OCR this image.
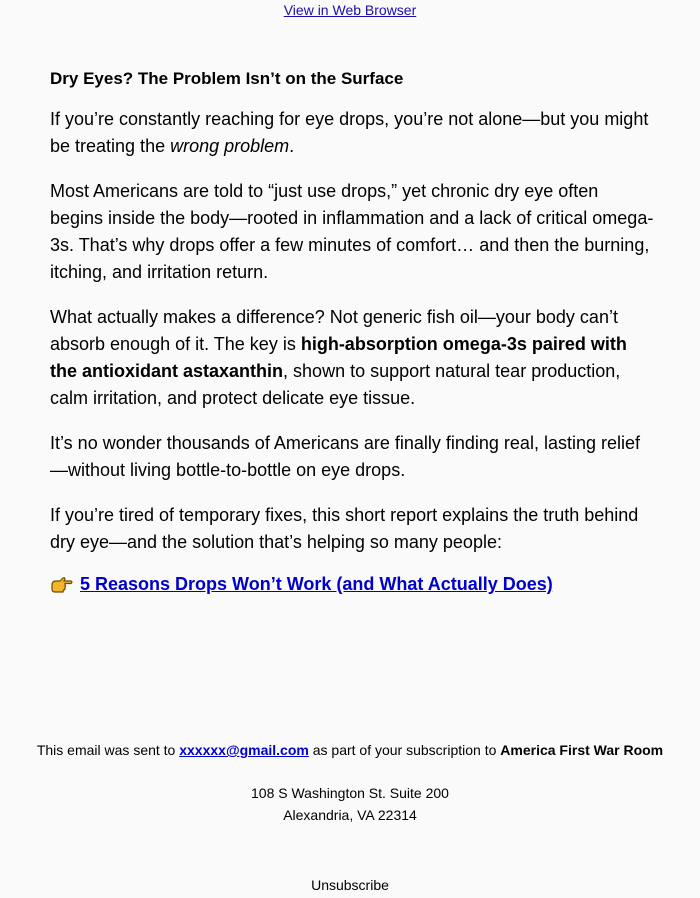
View in Web Browser
Dry Eyes? The Problem Isn’t on the Surface

If you’re constantly reaching for eye drops, you’re not alone—but you might be treating the wrong problem.

Most Americans are told to “just use drops,” yet chronic dry eye often begins inside the body—rooted in inflammation and a lack of critical omega-3s. That’s why drops offer a few minutes of comfort… and then the burning, itching, and irritation return.

What actually makes a difference? Not generic fish oil—your body can’t absorb enough of it. The key is high-absorption omega-3s paired with the antioxidant astaxanthin, shown to support natural tear production, calm irritation, and protect delicate eye tissue.

It’s no wonder thousands of Americans are finally finding real, lasting relief —without living bottle-to-bottle on eye drops.

If you’re tired of temporary fixes, this short report explains the truth behind dry eye—and the solution that’s helping so many people:

5 Reasons Drops Won’t Work (and What Actually Does)
This email was sent to xxxxxx@gmail.com as part of your subscription to America First War Room
108 S Washington St. Suite 200
Alexandria, VA 22314
Unsubscribe
